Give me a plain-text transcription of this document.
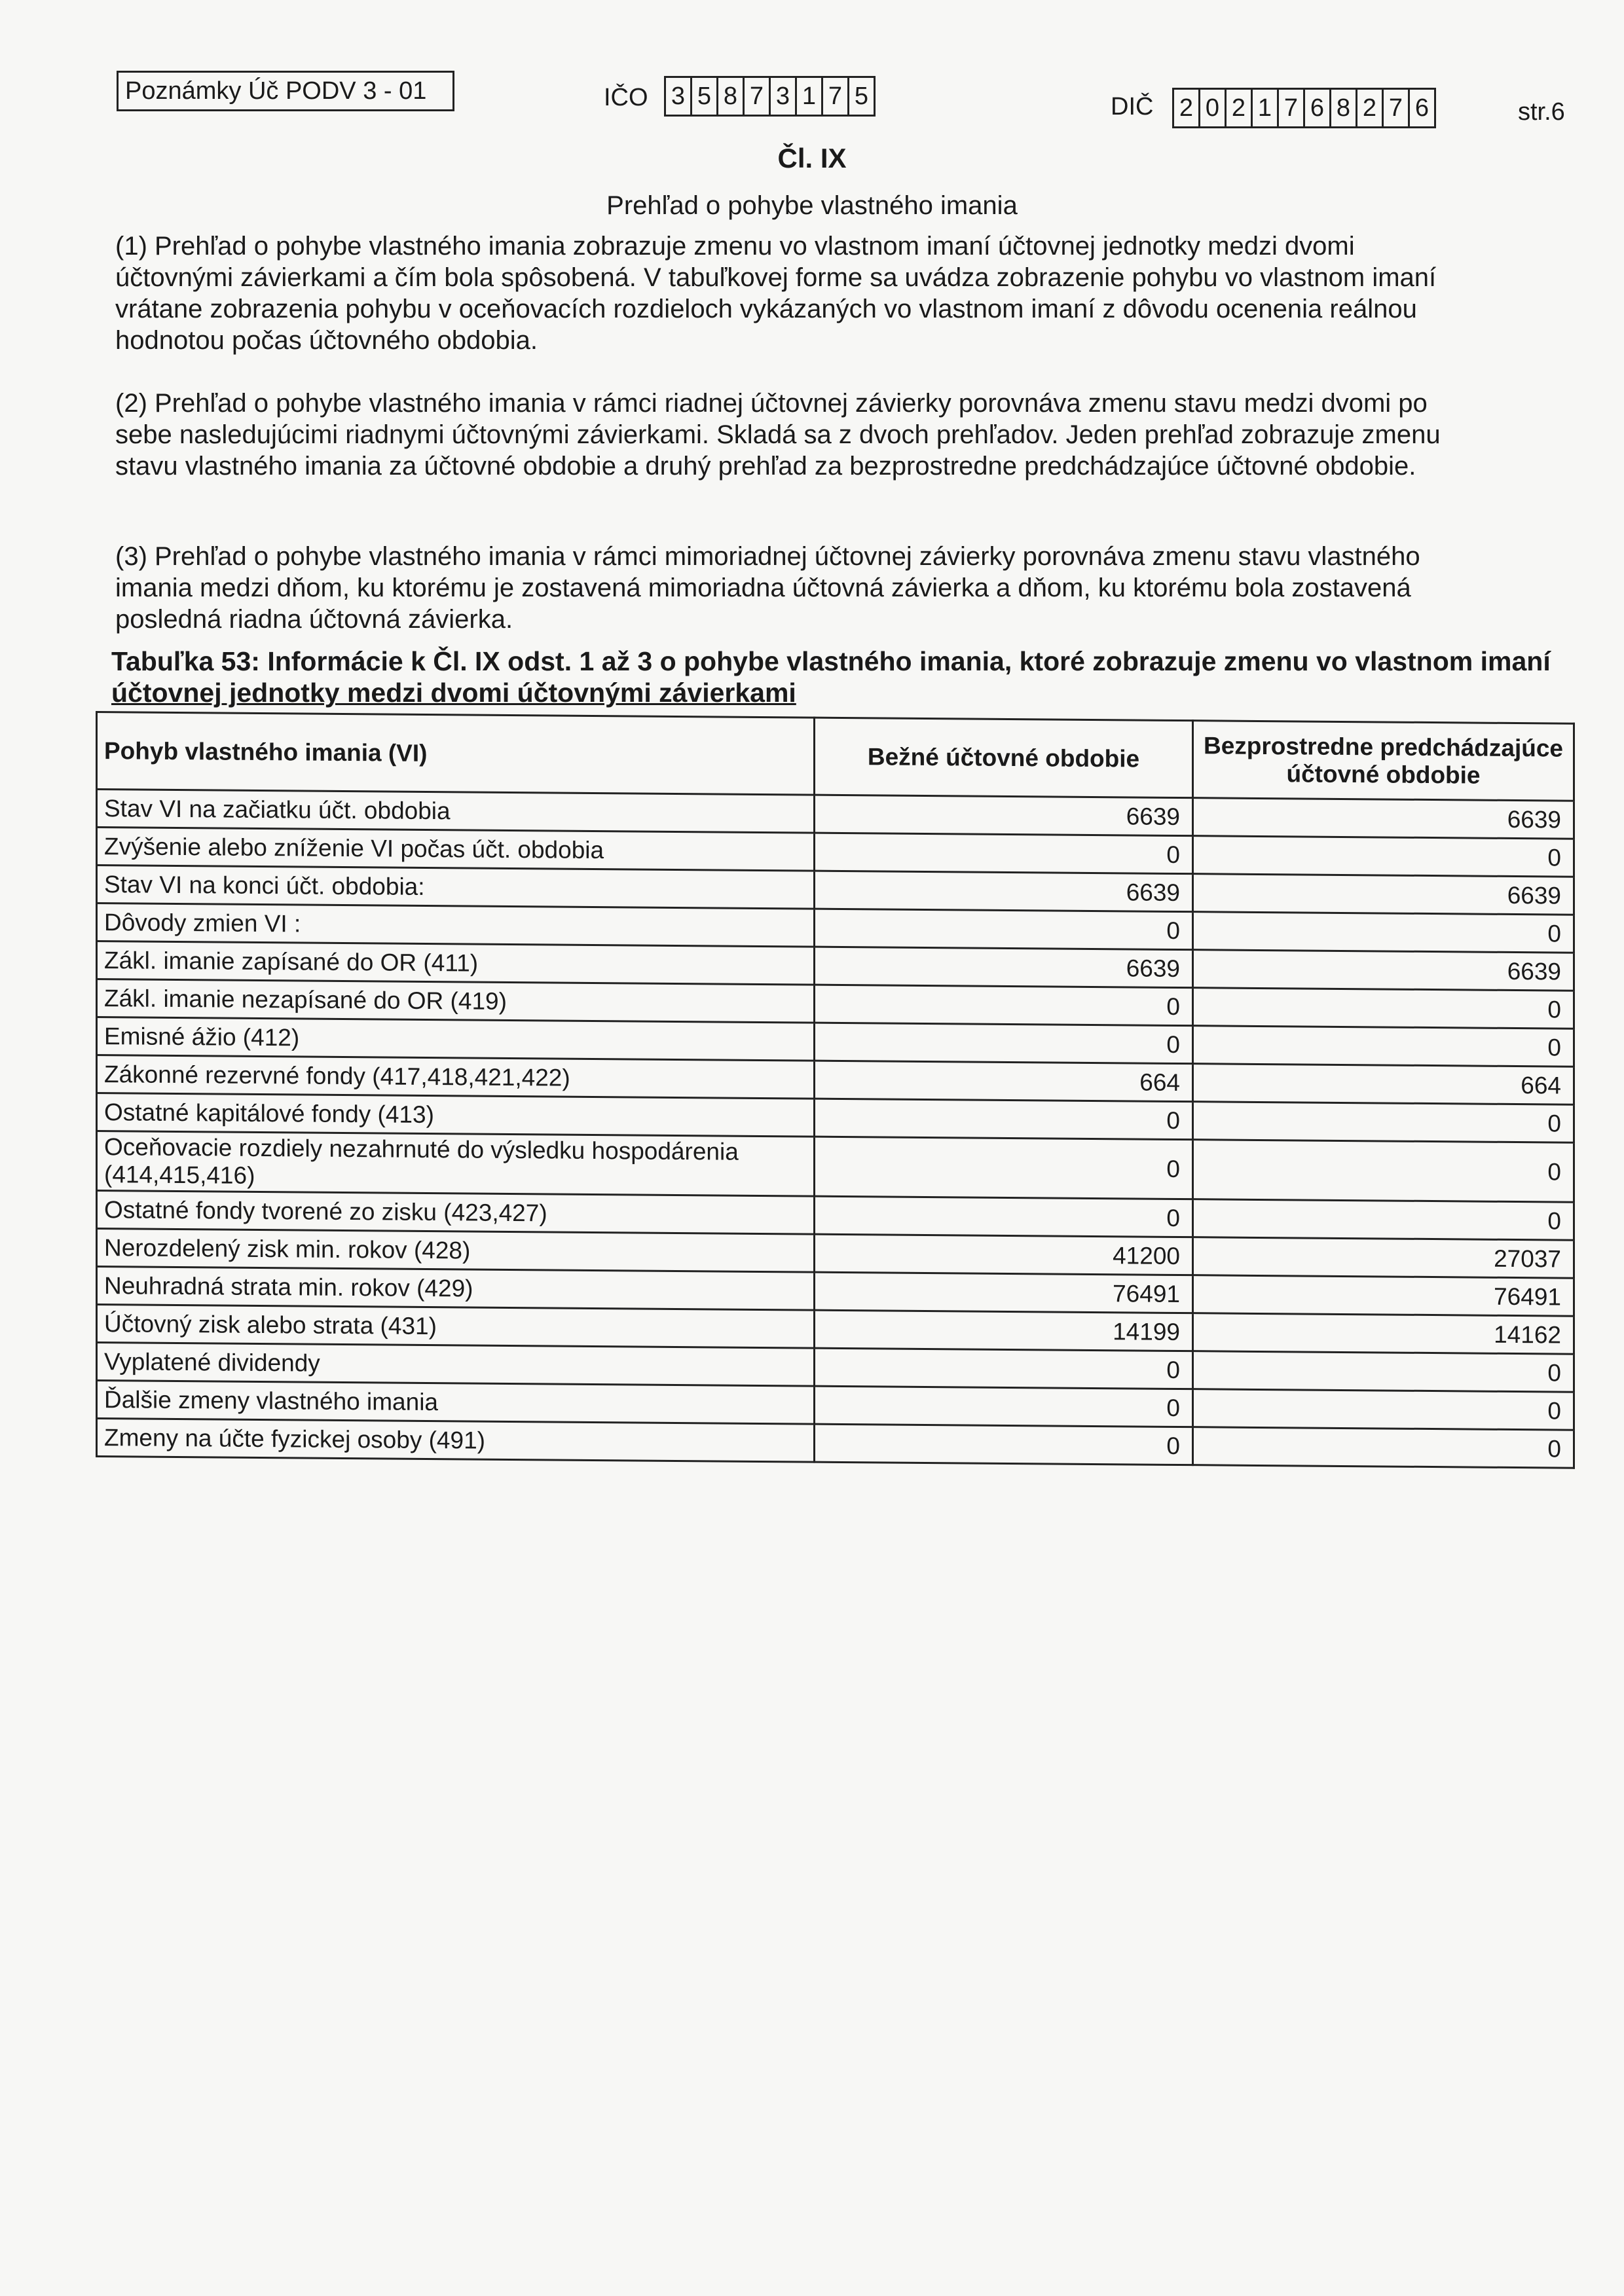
Poznámky Úč PODV 3 - 01	IČO 3 5 8 7 3 1 7 5	DIČ 2 0 2 1 7 6 8 2 7 6	str.6
Čl. IX
Prehľad o pohybe vlastného imania

(1) Prehľad o pohybe vlastného imania zobrazuje zmenu vo vlastnom imaní účtovnej jednotky medzi dvomi účtovnými závierkami a čím bola spôsobená. V tabuľkovej forme sa uvádza zobrazenie pohybu vo vlastnom imaní vrátane zobrazenia pohybu v oceňovacích rozdieloch vykázaných vo vlastnom imaní z dôvodu ocenenia reálnou hodnotou počas účtovného obdobia.

(2) Prehľad o pohybe vlastného imania v rámci riadnej účtovnej závierky porovnáva zmenu stavu medzi dvomi po sebe nasledujúcimi riadnymi účtovnými závierkami. Skladá sa z dvoch prehľadov. Jeden prehľad zobrazuje zmenu stavu vlastného imania za účtovné obdobie a druhý prehľad za bezprostredne predchádzajúce účtovné obdobie.

(3) Prehľad o pohybe vlastného imania v rámci mimoriadnej účtovnej závierky porovnáva zmenu stavu vlastného imania medzi dňom, ku ktorému je zostavená mimoriadna účtovná závierka a dňom, ku ktorému bola zostavená posledná riadna účtovná závierka.

Tabuľka 53: Informácie k Čl. IX odst. 1 až 3 o pohybe vlastného imania, ktoré zobrazuje zmenu vo vlastnom imaní
účtovnej jednotky medzi dvomi účtovnými závierkami

Pohyb vlastného imania (VI)	Bežné účtovné obdobie	Bezprostredne predchádzajúce účtovné obdobie
Stav VI na začiatku účt. obdobia	6639	6639
Zvýšenie alebo zníženie VI počas účt. obdobia	0	0
Stav VI na konci účt. obdobia:	6639	6639
Dôvody zmien VI :	0	0
Zákl. imanie zapísané do OR (411)	6639	6639
Zákl. imanie nezapísané do OR (419)	0	0
Emisné ážio (412)	0	0
Zákonné rezervné fondy (417,418,421,422)	664	664
Ostatné kapitálové fondy (413)	0	0
Oceňovacie rozdiely nezahrnuté do výsledku hospodárenia (414,415,416)	0	0
Ostatné fondy tvorené zo zisku (423,427)	0	0
Nerozdelený zisk min. rokov (428)	41200	27037
Neuhradná strata min. rokov (429)	76491	76491
Účtovný zisk alebo strata (431)	14199	14162
Vyplatené dividendy	0	0
Ďalšie zmeny vlastného imania	0	0
Zmeny na účte fyzickej osoby (491)	0	0
